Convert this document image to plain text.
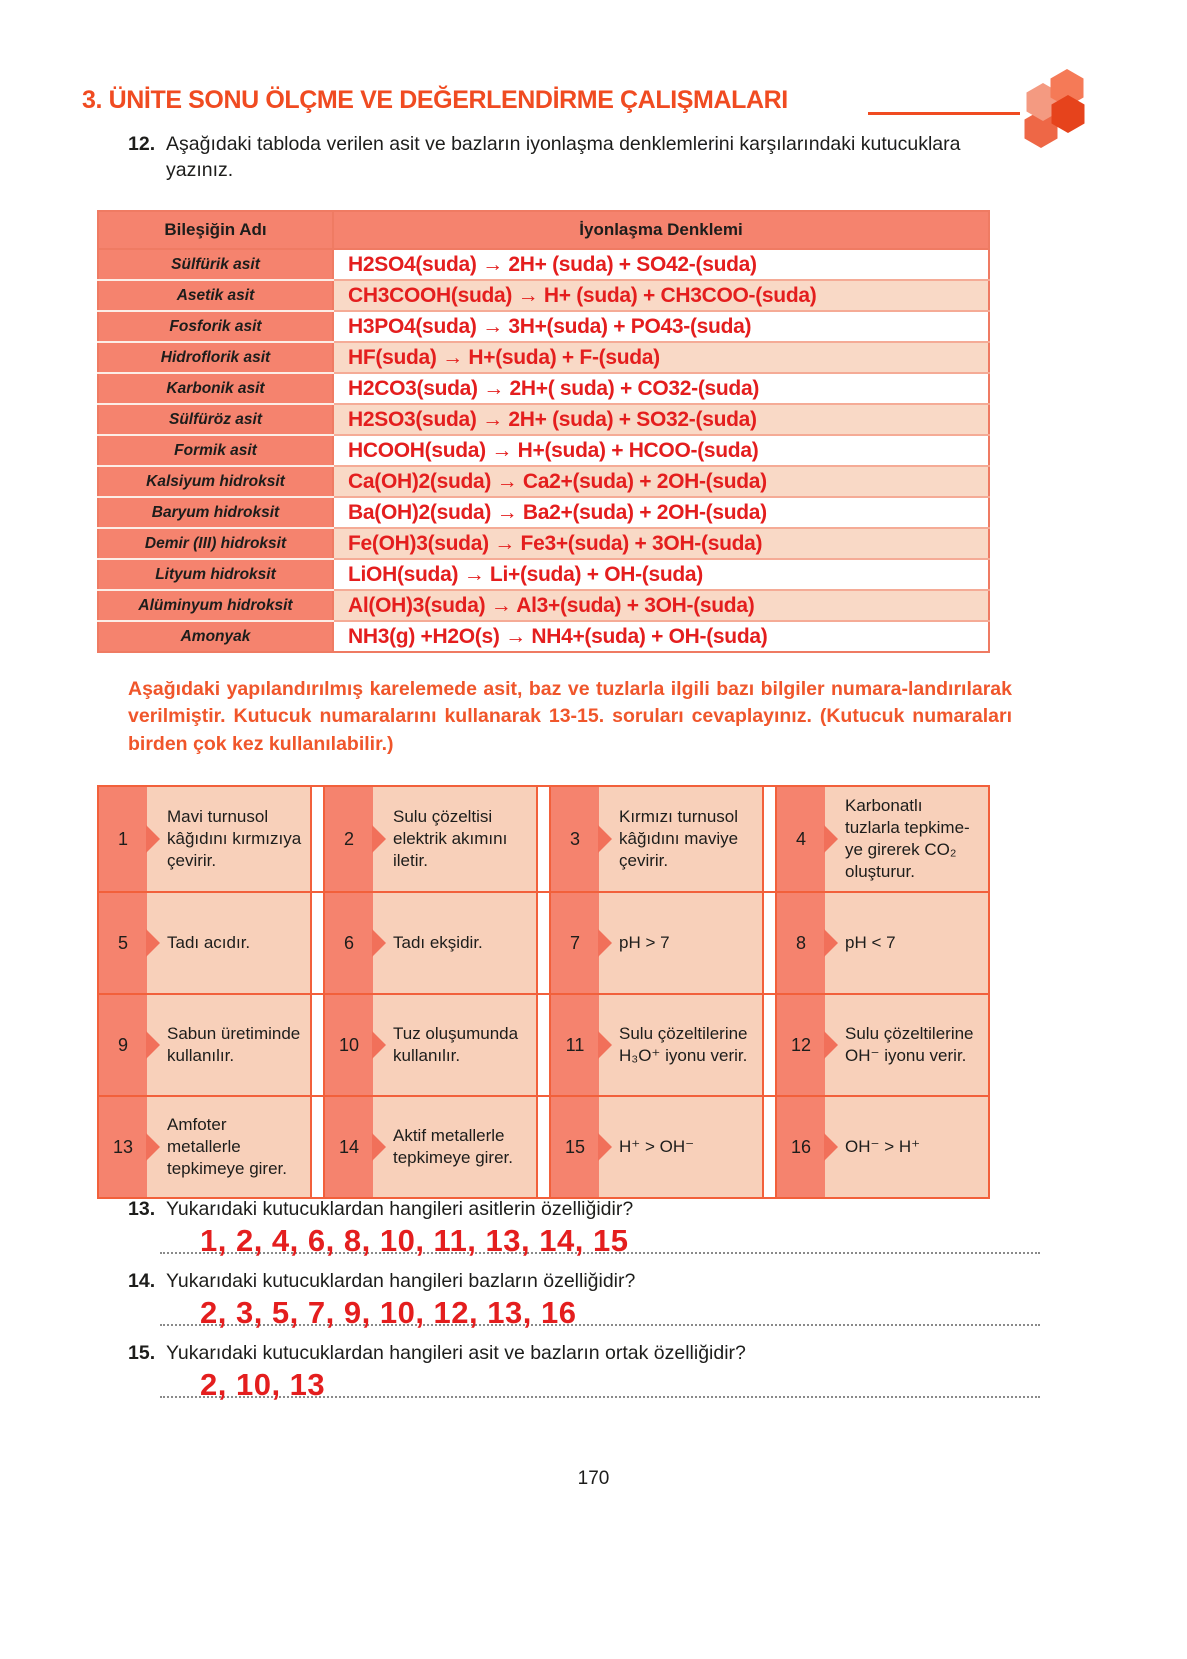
3. ÜNİTE SONU ÖLÇME VE DEĞERLENDİRME ÇALIŞMALARI
12. Aşağıdaki tabloda verilen asit ve bazların iyonlaşma denklemlerini karşılarındaki kutucuklara yazınız.
Bileşiğin Adı	İyonlaşma Denklemi
Sülfürik asit	H2SO4(suda) → 2H+ (suda) + SO42-(suda)
Asetik asit	CH3COOH(suda) → H+ (suda) + CH3COO-(suda)
Fosforik asit	H3PO4(suda) → 3H+(suda) + PO43-(suda)
Hidroflorik asit	HF(suda) → H+(suda) + F-(suda)
Karbonik asit	H2CO3(suda) → 2H+( suda) + CO32-(suda)
Sülfüröz asit	H2SO3(suda) → 2H+ (suda) + SO32-(suda)
Formik asit	HCOOH(suda) → H+(suda) + HCOO-(suda)
Kalsiyum hidroksit	Ca(OH)2(suda) → Ca2+(suda) + 2OH-(suda)
Baryum hidroksit	Ba(OH)2(suda) → Ba2+(suda) + 2OH-(suda)
Demir (III) hidroksit	Fe(OH)3(suda) → Fe3+(suda) + 3OH-(suda)
Lityum hidroksit	LiOH(suda) → Li+(suda) + OH-(suda)
Alüminyum hidroksit	Al(OH)3(suda) → Al3+(suda) + 3OH-(suda)
Amonyak	NH3(g) +H2O(s) → NH4+(suda) + OH-(suda)

Aşağıdaki yapılandırılmış karelemede asit, baz ve tuzlarla ilgili bazı bilgiler numara-landırılarak verilmiştir. Kutucuk numaralarını kullanarak 13-15. soruları cevaplayınız. (Kutucuk numaraları birden çok kez kullanılabilir.)

1
Mavi turnusol kâğıdını kırmızıya çevirir.
2
Sulu çözeltisi elektrik akımını iletir.
3
Kırmızı turnusol kâğıdını maviye çevirir.
4
Karbonatlı tuzlarla tepkime-ye girerek CO₂ oluşturur.
5	Tadı acıdır.	6	Tadı ekşidir.	7	pH > 7	8	pH < 7
9
Sabun üretiminde kullanılır.
10
Tuz oluşumunda kullanılır.
11
Sulu çözeltilerine H₃O⁺ iyonu verir.
12
Sulu çözeltilerine OH⁻ iyonu verir.
13
Amfoter metallerle tepkimeye girer.
14
Aktif metallerle tepkimeye girer.
15	H⁺ > OH⁻	16	OH⁻ > H⁺
13. Yukarıdaki kutucuklardan hangileri asitlerin özelliğidir?
1, 2, 4, 6, 8, 10, 11, 13, 14, 15
14. Yukarıdaki kutucuklardan hangileri bazların özelliğidir?
2, 3, 5, 7, 9, 10, 12, 13, 16
15. Yukarıdaki kutucuklardan hangileri asit ve bazların ortak özelliğidir?
2, 10, 13
170
